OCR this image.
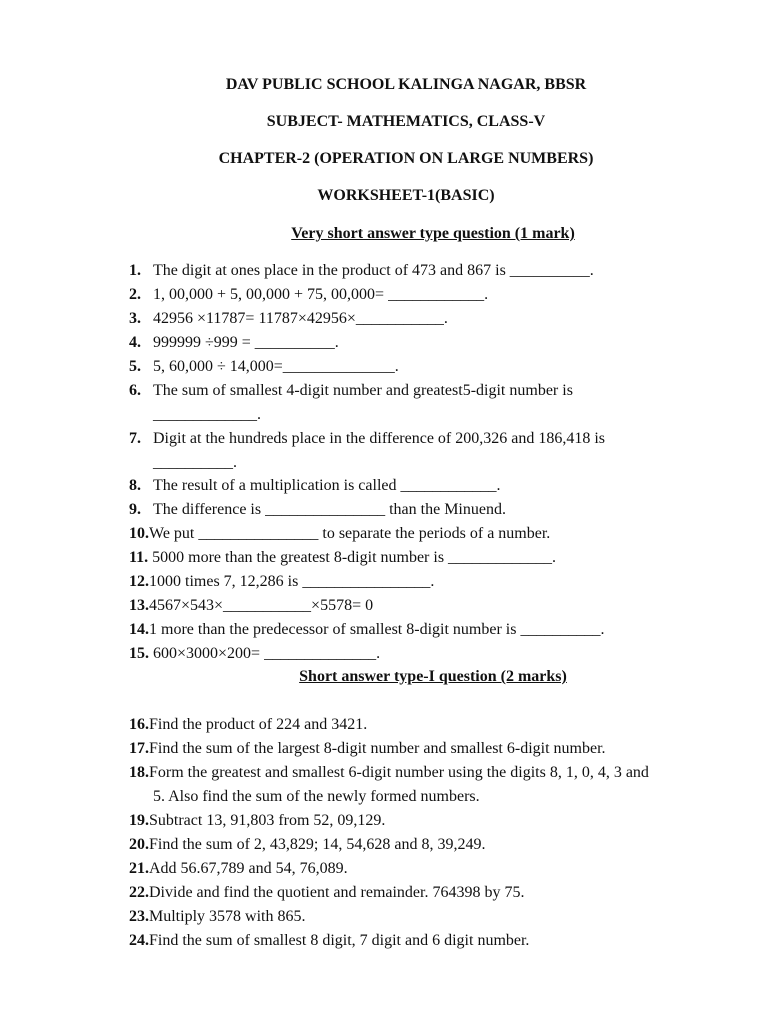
DAV PUBLIC SCHOOL KALINGA NAGAR, BBSR
SUBJECT- MATHEMATICS, CLASS-V
CHAPTER-2 (OPERATION ON LARGE NUMBERS)
WORKSHEET-1(BASIC)
Very short answer type question (1 mark)
1. The digit at ones place in the product of 473 and 867 is __________.
2. 1, 00,000 + 5, 00,000 + 75, 00,000= ____________.
3. 42956 ×11787= 11787×42956×___________.
4. 999999 ÷999 = __________.
5. 5, 60,000 ÷ 14,000=______________.
6. The sum of smallest 4-digit number and greatest5-digit number is
_____________.
7. Digit at the hundreds place in the difference of 200,326 and 186,418 is
__________.
8. The result of a multiplication is called ____________.
9. The difference is _______________ than the Minuend.
10.We put _______________ to separate the periods of a number.
11. 5000 more than the greatest 8-digit number is _____________.
12.1000 times 7, 12,286 is ________________.
13.4567×543×___________×5578= 0
14.1 more than the predecessor of smallest 8-digit number is __________.
15. 600×3000×200= ______________.
Short answer type-I question (2 marks)
16.Find the product of 224 and 3421.
17.Find the sum of the largest 8-digit number and smallest 6-digit number.
18.Form the greatest and smallest 6-digit number using the digits 8, 1, 0, 4, 3 and
5. Also find the sum of the newly formed numbers.
19.Subtract 13, 91,803 from 52, 09,129.
20.Find the sum of 2, 43,829; 14, 54,628 and 8, 39,249.
21.Add 56.67,789 and 54, 76,089.
22.Divide and find the quotient and remainder. 764398 by 75.
23.Multiply 3578 with 865.
24.Find the sum of smallest 8 digit, 7 digit and 6 digit number.
